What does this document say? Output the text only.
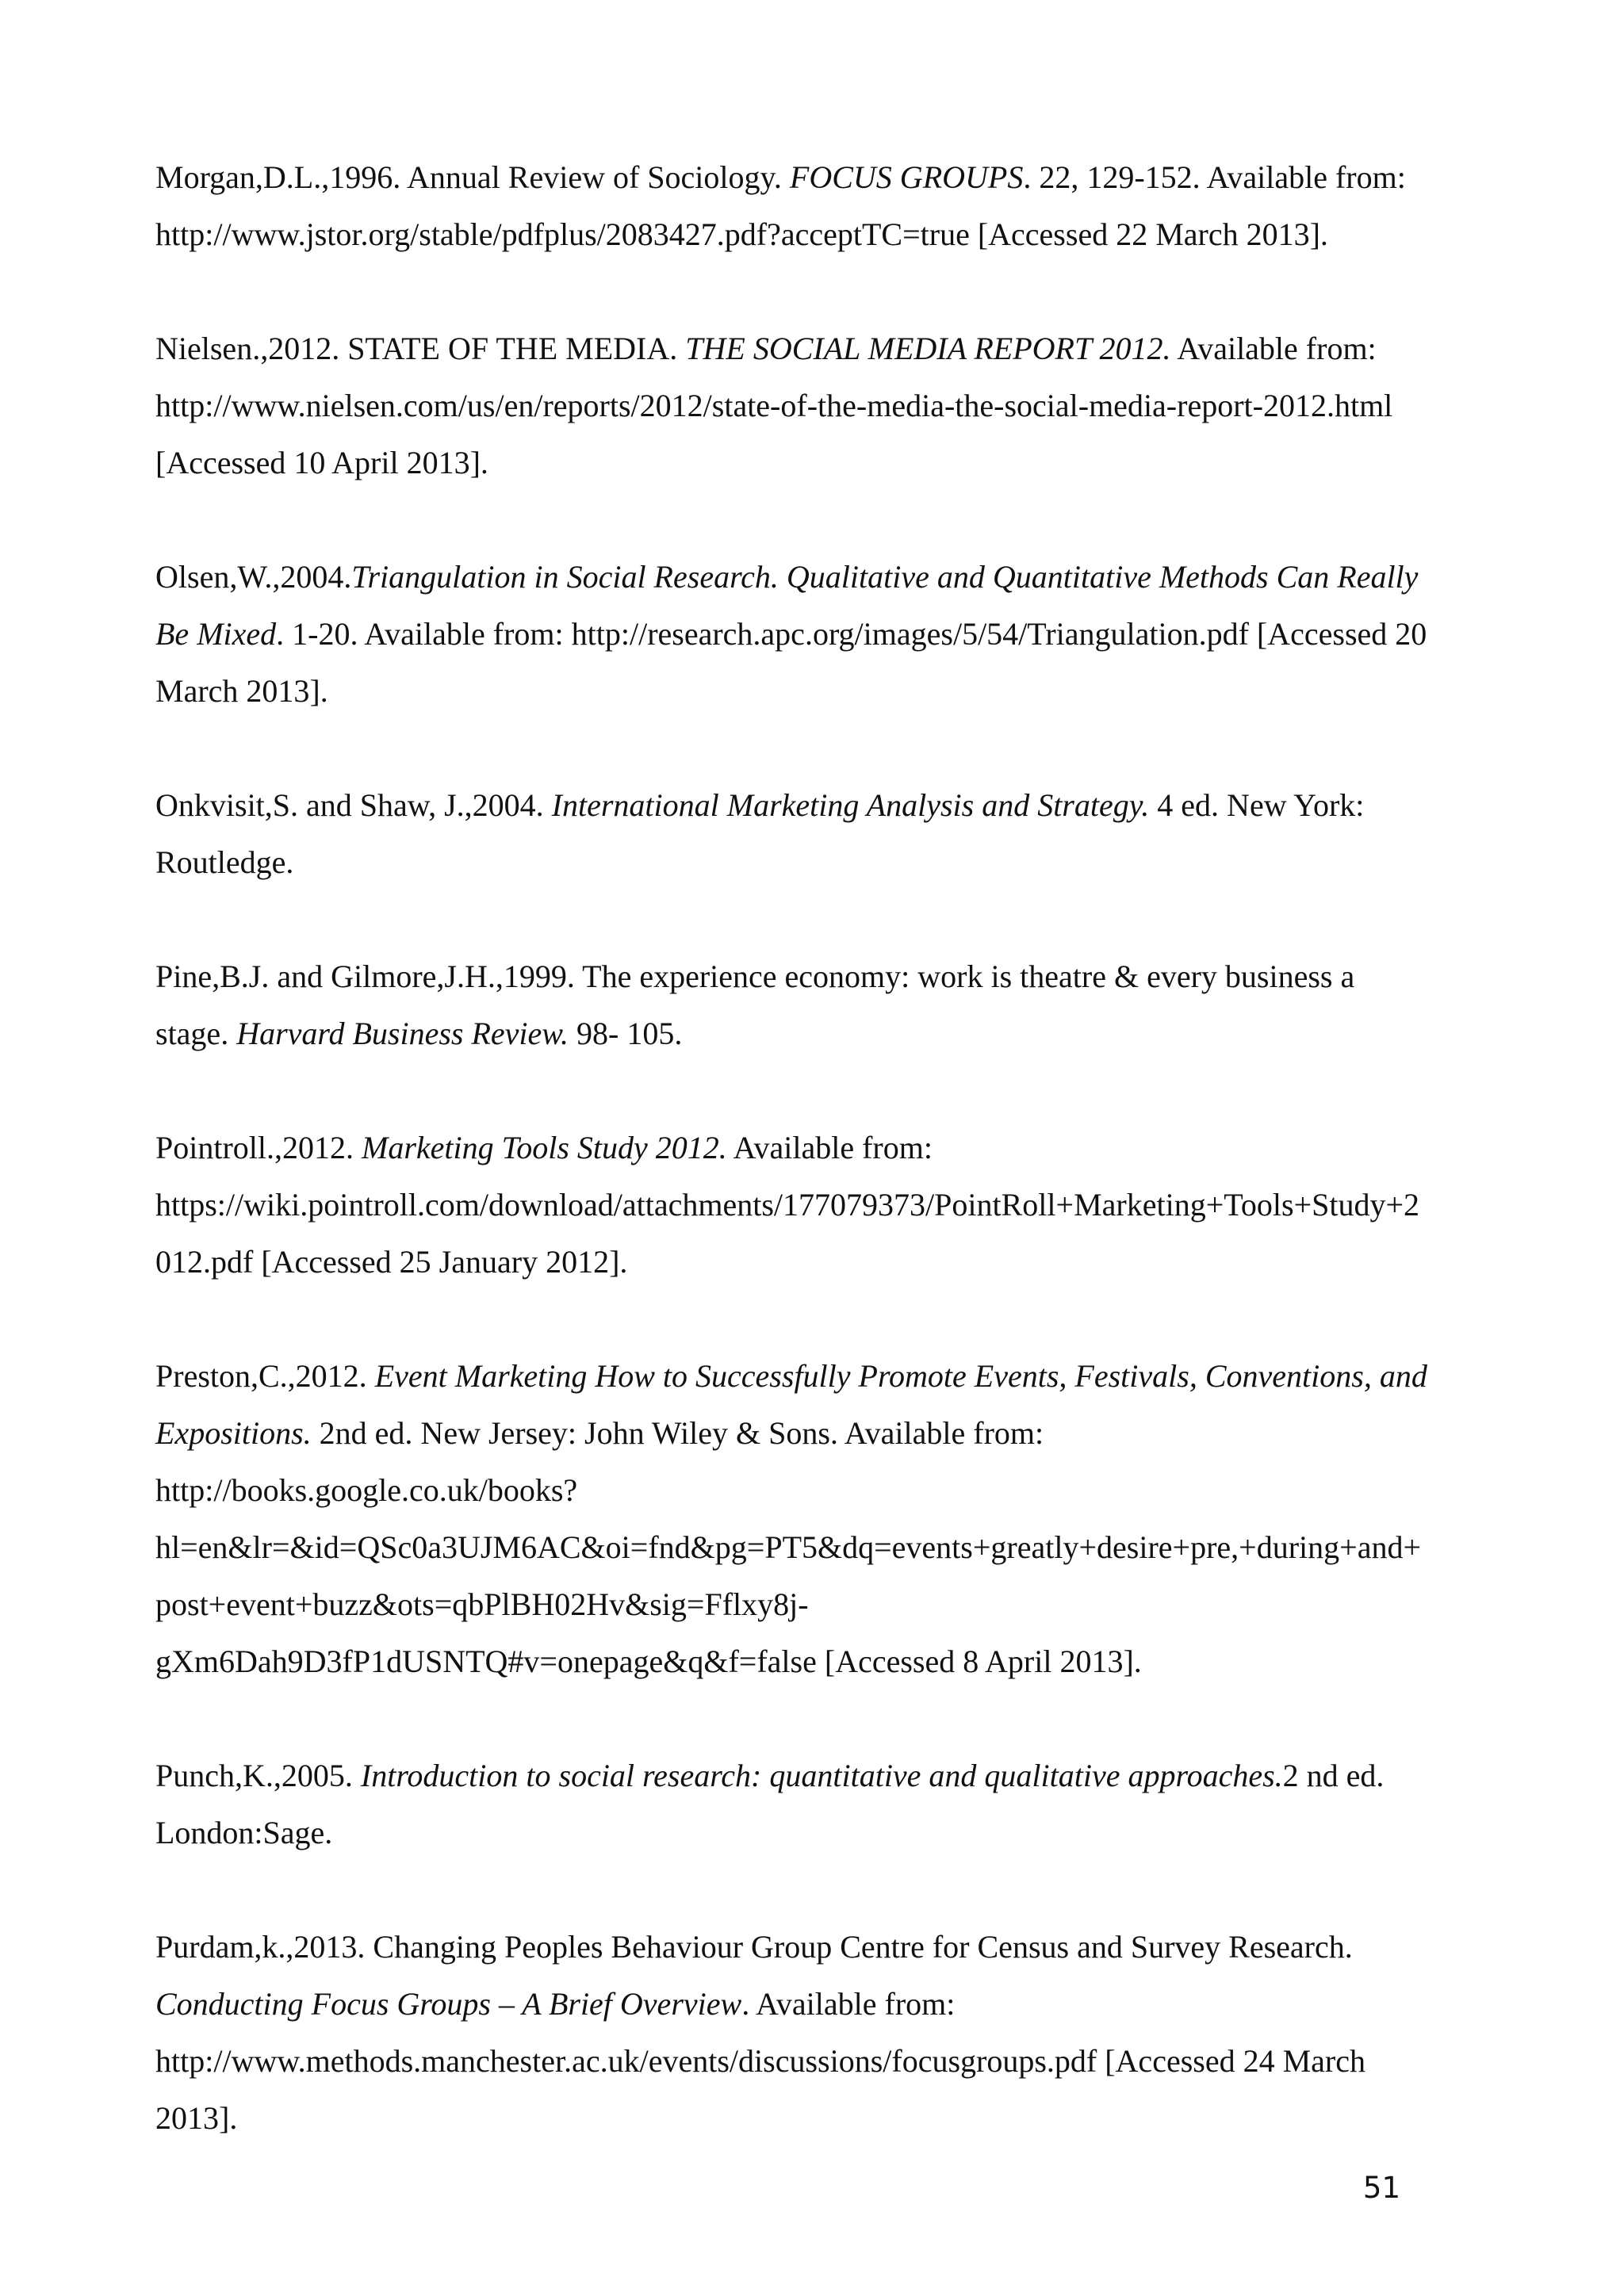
Morgan,D.L.,1996. Annual Review of Sociology. FOCUS GROUPS. 22, 129-152. Available from: http://www.jstor.org/stable/pdfplus/2083427.pdf?acceptTC=true [Accessed 22 March 2013].

Nielsen.,2012. STATE OF THE MEDIA. THE SOCIAL MEDIA REPORT 2012. Available from: http://www.nielsen.com/us/en/reports/2012/state-of-the-media-the-social-media-report-2012.html [Accessed 10 April 2013].

Olsen,W.,2004.Triangulation in Social Research. Qualitative and Quantitative Methods Can Really Be Mixed. 1-20. Available from: http://research.apc.org/images/5/54/Triangulation.pdf [Accessed 20 March 2013].

Onkvisit,S. and Shaw, J.,2004. International Marketing Analysis and Strategy. 4 ed. New York: Routledge.

Pine,B.J. and Gilmore,J.H.,1999. The experience economy: work is theatre & every business a stage. Harvard Business Review. 98- 105.

Pointroll.,2012. Marketing Tools Study 2012. Available from: https://wiki.pointroll.com/download/attachments/177079373/PointRoll+Marketing+Tools+Study+2012.pdf [Accessed 25 January 2012].

Preston,C.,2012. Event Marketing How to Successfully Promote Events, Festivals, Conventions, and Expositions. 2nd ed. New Jersey: John Wiley & Sons. Available from: http://books.google.co.uk/books?hl=en&lr=&id=QSc0a3UJM6AC&oi=fnd&pg=PT5&dq=events+greatly+desire+pre,+during+and+post+event+buzz&ots=qbPlBH02Hv&sig=Fflxy8j-gXm6Dah9D3fP1dUSNTQ#v=onepage&q&f=false [Accessed 8 April 2013].

Punch,K.,2005. Introduction to social research: quantitative and qualitative approaches.2 nd ed. London:Sage.

Purdam,k.,2013. Changing Peoples Behaviour Group Centre for Census and Survey Research. Conducting Focus Groups – A Brief Overview. Available from: http://www.methods.manchester.ac.uk/events/discussions/focusgroups.pdf [Accessed 24 March 2013].

51
